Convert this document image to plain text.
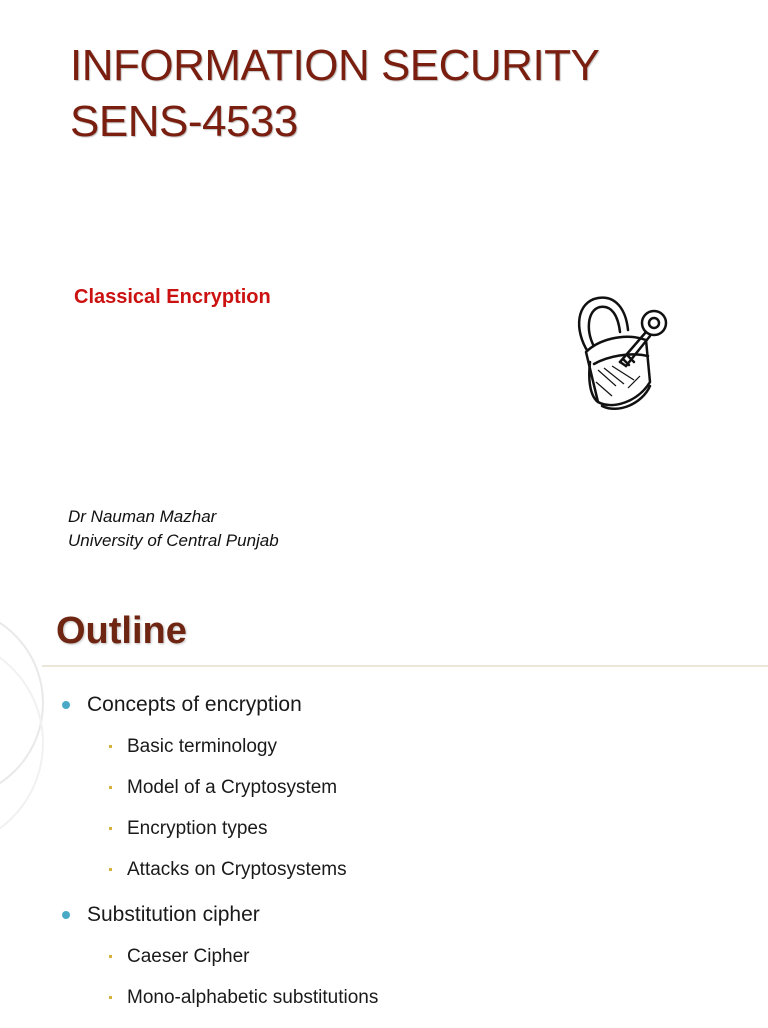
INFORMATION SECURITY
SENS-4533
Classical Encryption
Dr Nauman Mazhar
University of Central Punjab
Outline
Concepts of encryption
Basic terminology
Model of a Cryptosystem
Encryption types
Attacks on Cryptosystems
Substitution cipher
Caeser Cipher
Mono-alphabetic substitutions
